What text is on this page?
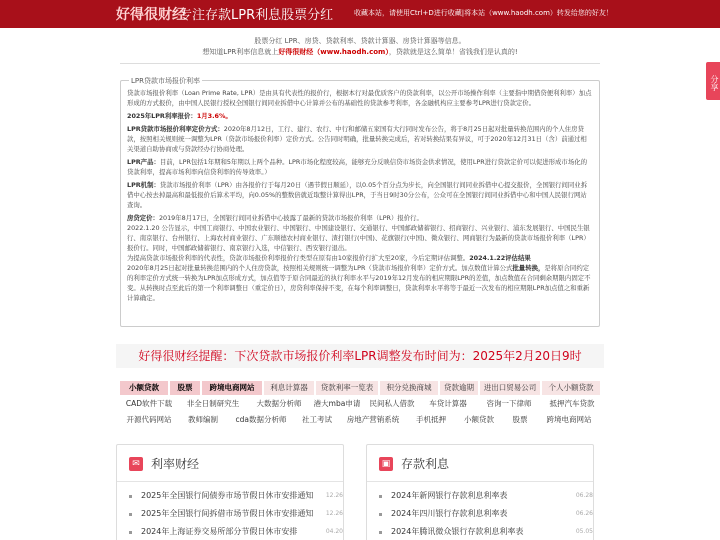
好得很财经
专注存款LPR利息股票分红	收藏本站，请使用Ctrl+D进行收藏|将本站（www.haodh.com）转发给您的好友！
股票分红 LPR、房贷、贷款利率、贷款计算器、房贷计算器等信息。
想知道LPR利率信息就上好得很财经（www.haodh.com），贷款就是这么简单！省钱我们是认真的!
分享
LPR贷款市场报价利率

贷款市场报价利率（Loan Prime Rate, LPR）是由具有代表性的报价行，根据本行对最优质客户的贷款利率，以公开市场操作利率（主要指中期借贷便利利率）加点形成的方式报价，由中国人民银行授权全国银行间同业拆借中心计算并公布的基础性的贷款参考利率，各金融机构应主要参考LPR进行贷款定价。

2025年LPR利率报价：1月3.6%。

LPR贷款市场报价利率定价方式：2020年8月12日，工行、建行、农行、中行和邮储五家国有大行同时发布公告，将于8月25日起对批量转换范围内的个人住房贷款，按照相关规则统一调整为LPR（贷款市场报价利率）定价方式。公告同时明确，批量转换完成后，若对转换结果有异议，可于2020年12月31日（含）前通过相关渠道自助协商或与贷款经办行协商处理。

LPR产品：目前，LPR包括1年期和5年期以上两个品种。LPR市场化程度较高，能够充分反映信贷市场资金供求情况，使用LPR进行贷款定价可以促进形成市场化的贷款利率，提高市场利率向信贷利率的传导效率。）

LPR机制：贷款市场报价利率（LPR）由各报价行于每月20日（遇节假日顺延），以0.05个百分点为步长，向全国银行间同业拆借中心提交报价，全国银行间同业拆借中心按去掉最高和最低报价后算术平均，向0.05%的整数倍就近取整计算得出LPR，于当日9时30分公布，公众可在全国银行间同业拆借中心和中国人民银行网站查询。

房贷定价：2019年8月17日，全国银行间同业拆借中心披露了最新的贷款市场报价利率（LPR）报价行。

2022.1.20 公告显示，中国工商银行、中国农业银行、中国银行、中国建设银行、交通银行、中国邮政储蓄银行、招商银行、兴业银行、浦东发展银行、中国民生银行、南京银行、台州银行、上海农村商业银行、广东顺德农村商业银行、渣打银行(中国)、花旗银行(中国)、微众银行、网商银行为最新的贷款市场报价利率（LPR）报价行。同时，中国邮政储蓄银行、南京银行入选，中信银行、西安银行退出。

为提高贷款市场报价利率的代表性，贷款市场报价利率报价行类型在原有由10家报价行扩大至20家，今后定期评估调整。2024.1.22评估结果

2020年8月25日起对批量转换范围内的个人住房贷款，按照相关规则统一调整为LPR（贷款市场报价利率）定价方式。加点数值计算公式批量转换，是将原合同约定的利率定价方式统一转换为LPR加点形成方式，加点值等于原合同最近的执行利率水平与2019年12月发布的相应期限LPR的差值，加点数值在合同剩余期限内固定不变。从转换时点至此后的第一个利率调整日（重定价日），房贷利率保持不变，在每个利率调整日，贷款利率水平将等于最近一次发布的相应期限LPR加点值之和重新计算确定。

好得很财经提醒：下次贷款市场报价利率LPR调整发布时间为：2025年2月20日9时
小额贷款	股票	跨境电商网站	利息计算器	贷款利率一览表	积分兑换商城	贷款逾期	进出口贸易公司	个人小额贷款
CAD软件下载	非全日制研究生	大数据分析师	港大mba申请	民间私人借款	车贷计算器	咨询一下律师	抵押汽车贷款
开源代码网站	教师编制	cda数据分析师	社工考试	房地产营销系统	手机抵押	小额贷款	股票	跨境电商网站
✉ 利率财经
2025年全国银行间债券市场节假日休市安排通知 12.26
2025年全国银行间拆借市场节假日休市安排通知 12.26
2024年上海证券交易所部分节假日休市安排	04.20
▣ 存款利息
2024年新网银行存款利息利率表	06.28
2024年四川银行存款利息利率表	06.26
2024年腾讯微众银行存款利息利率表	05.05
